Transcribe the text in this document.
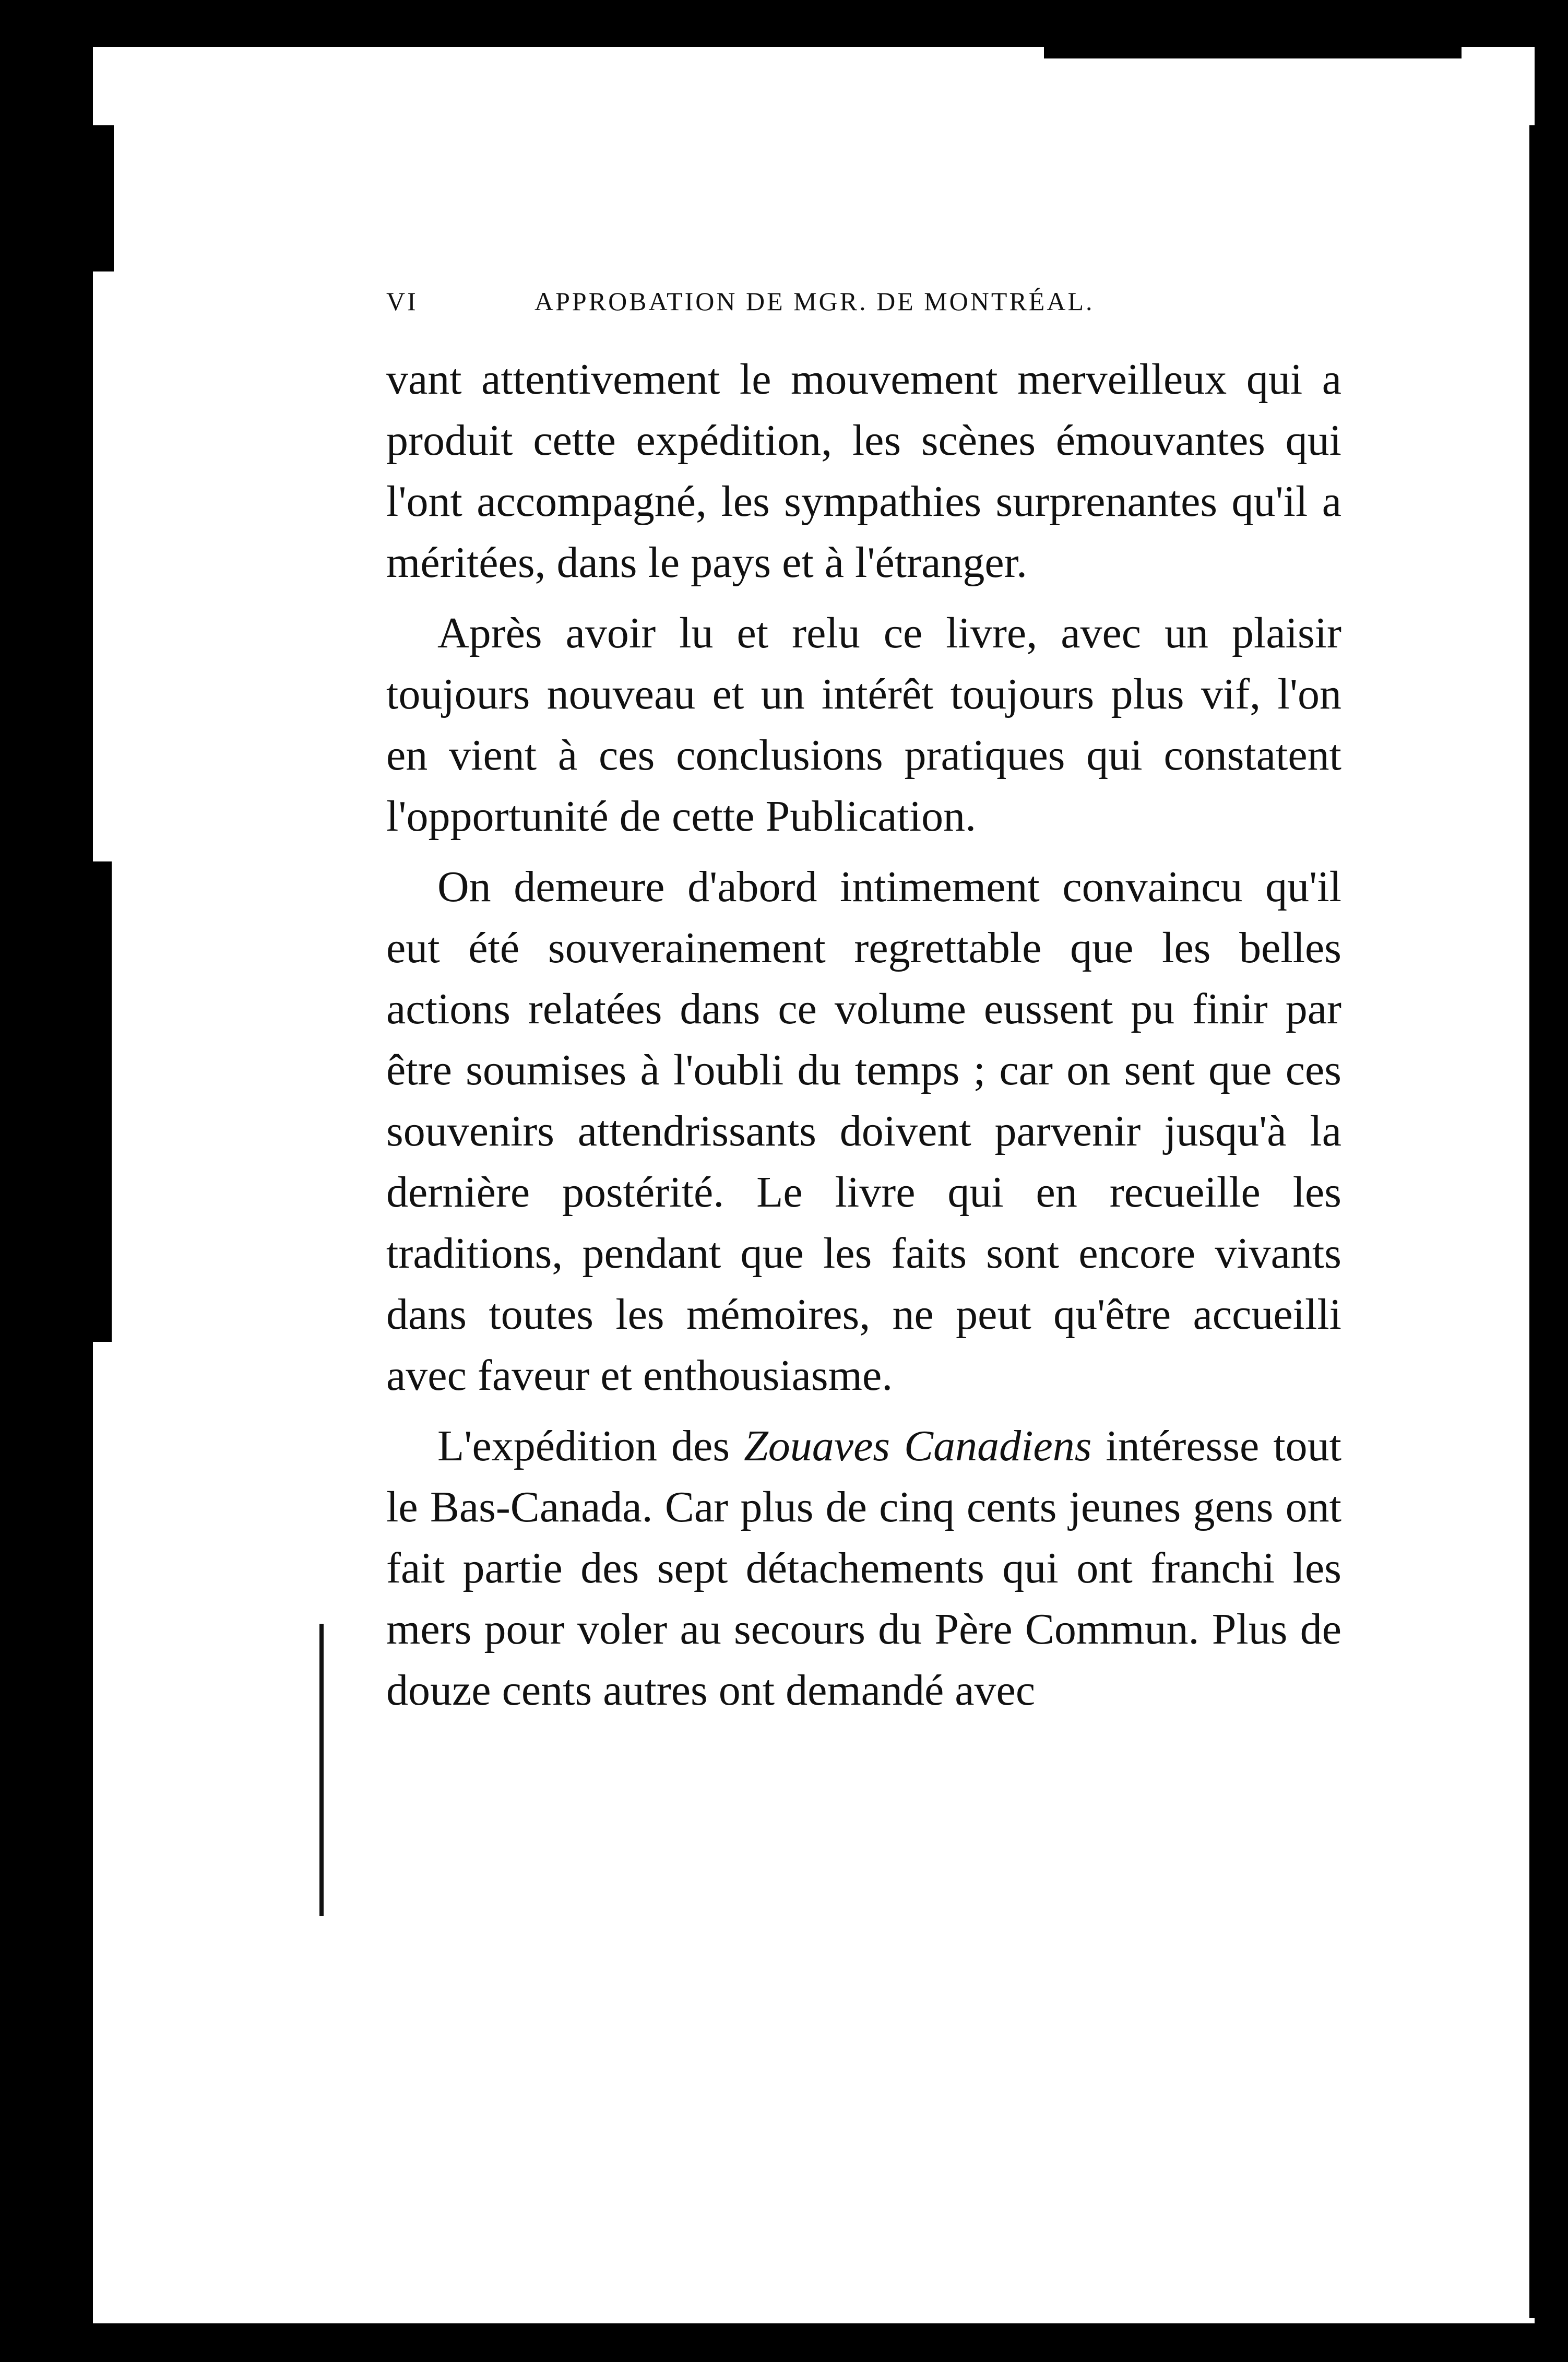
VI	APPROBATION DE MGR. DE MONTRÉAL.

vant attentivement le mouvement merveilleux qui a produit cette expédition, les scènes émouvantes qui l'ont accompagné, les sympathies surprenantes qu'il a méritées, dans le pays et à l'étranger.

Après avoir lu et relu ce livre, avec un plaisir toujours nouveau et un intérêt toujours plus vif, l'on en vient à ces conclusions pratiques qui constatent l'opportunité de cette Publication.

On demeure d'abord intimement convaincu qu'il eut été souverainement regrettable que les belles actions relatées dans ce volume eussent pu finir par être soumises à l'oubli du temps ; car on sent que ces souvenirs attendrissants doivent parvenir jusqu'à la dernière postérité. Le livre qui en recueille les traditions, pendant que les faits sont encore vivants dans toutes les mémoires, ne peut qu'être accueilli avec faveur et enthousiasme.

L'expédition des Zouaves Canadiens intéresse tout le Bas-Canada. Car plus de cinq cents jeunes gens ont fait partie des sept détachements qui ont franchi les mers pour voler au secours du Père Commun. Plus de douze cents autres ont demandé avec
